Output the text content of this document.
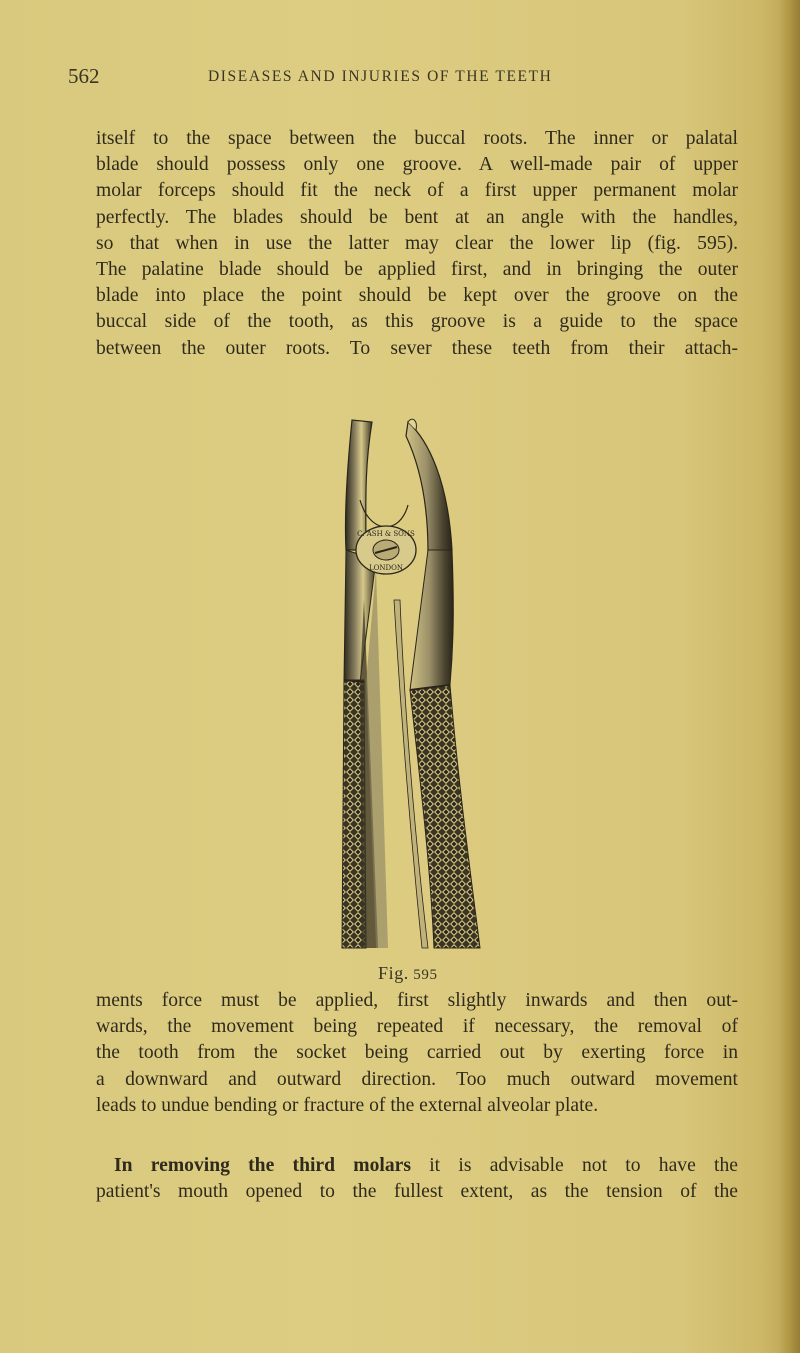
562	DISEASES AND INJURIES OF THE TEETH
itself to the space between the buccal roots. The inner or palatal
blade should possess only one groove. A well-made pair of upper
molar forceps should fit the neck of a first upper permanent molar
perfectly. The blades should be bent at an angle with the handles,
so that when in use the latter may clear the lower lip (fig. 595).
The palatine blade should be applied first, and in bringing the outer
blade into place the point should be kept over the groove on the
buccal side of the tooth, as this groove is a guide to the space
between the outer roots. To sever these teeth from their attach-
C. ASH & SONS
LONDON
Fig. 595
ments force must be applied, first slightly inwards and then out-
wards, the movement being repeated if necessary, the removal of
the tooth from the socket being carried out by exerting force in
a downward and outward direction. Too much outward movement
leads to undue bending or fracture of the external alveolar plate.
In removing the third molars it is advisable not to have the
patient's mouth opened to the fullest extent, as the tension of the
